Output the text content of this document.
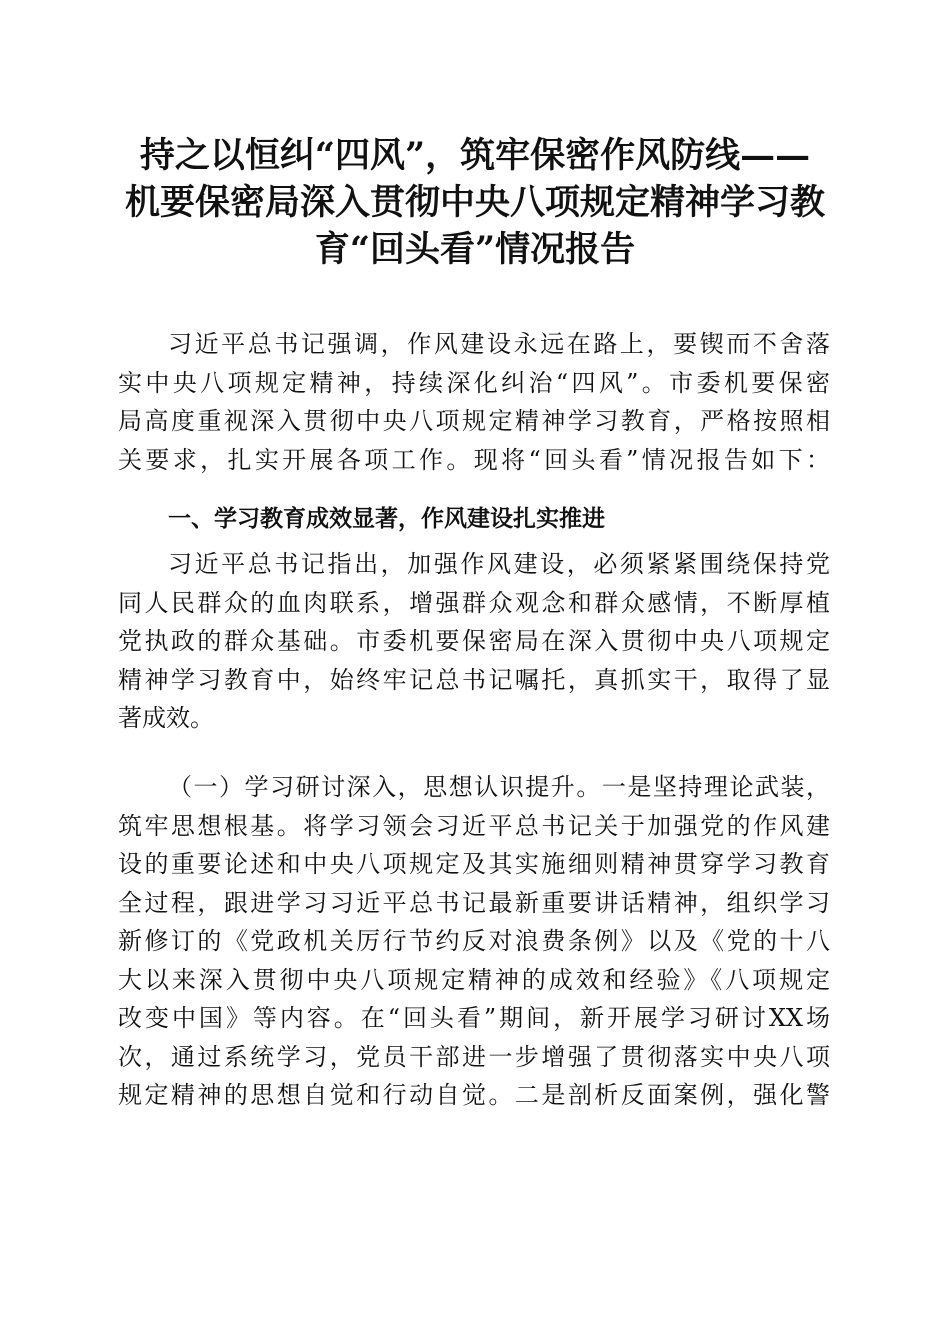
持之以恒纠“四风”，筑牢保密作风防线——
机要保密局深入贯彻中央八项规定精神学习教
育“回头看”情况报告
习近平总书记强调，作风建设永远在路上，要锲而不舍落
实中央八项规定精神，持续深化纠治“四风”。市委机要保密
局高度重视深入贯彻中央八项规定精神学习教育，严格按照相
关要求，扎实开展各项工作。现将“回头看”情况报告如下：
一、学习教育成效显著，作风建设扎实推进
习近平总书记指出，加强作风建设，必须紧紧围绕保持党
同人民群众的血肉联系，增强群众观念和群众感情，不断厚植
党执政的群众基础。市委机要保密局在深入贯彻中央八项规定
精神学习教育中，始终牢记总书记嘱托，真抓实干，取得了显
著成效。
（一）学习研讨深入，思想认识提升。一是坚持理论武装，
筑牢思想根基。将学习领会习近平总书记关于加强党的作风建
设的重要论述和中央八项规定及其实施细则精神贯穿学习教育
全过程，跟进学习习近平总书记最新重要讲话精神，组织学习
新修订的《党政机关厉行节约反对浪费条例》以及《党的十八
大以来深入贯彻中央八项规定精神的成效和经验》《八项规定
改变中国》等内容。在“回头看”期间，新开展学习研讨XX场
次，通过系统学习，党员干部进一步增强了贯彻落实中央八项
规定精神的思想自觉和行动自觉。二是剖析反面案例，强化警
